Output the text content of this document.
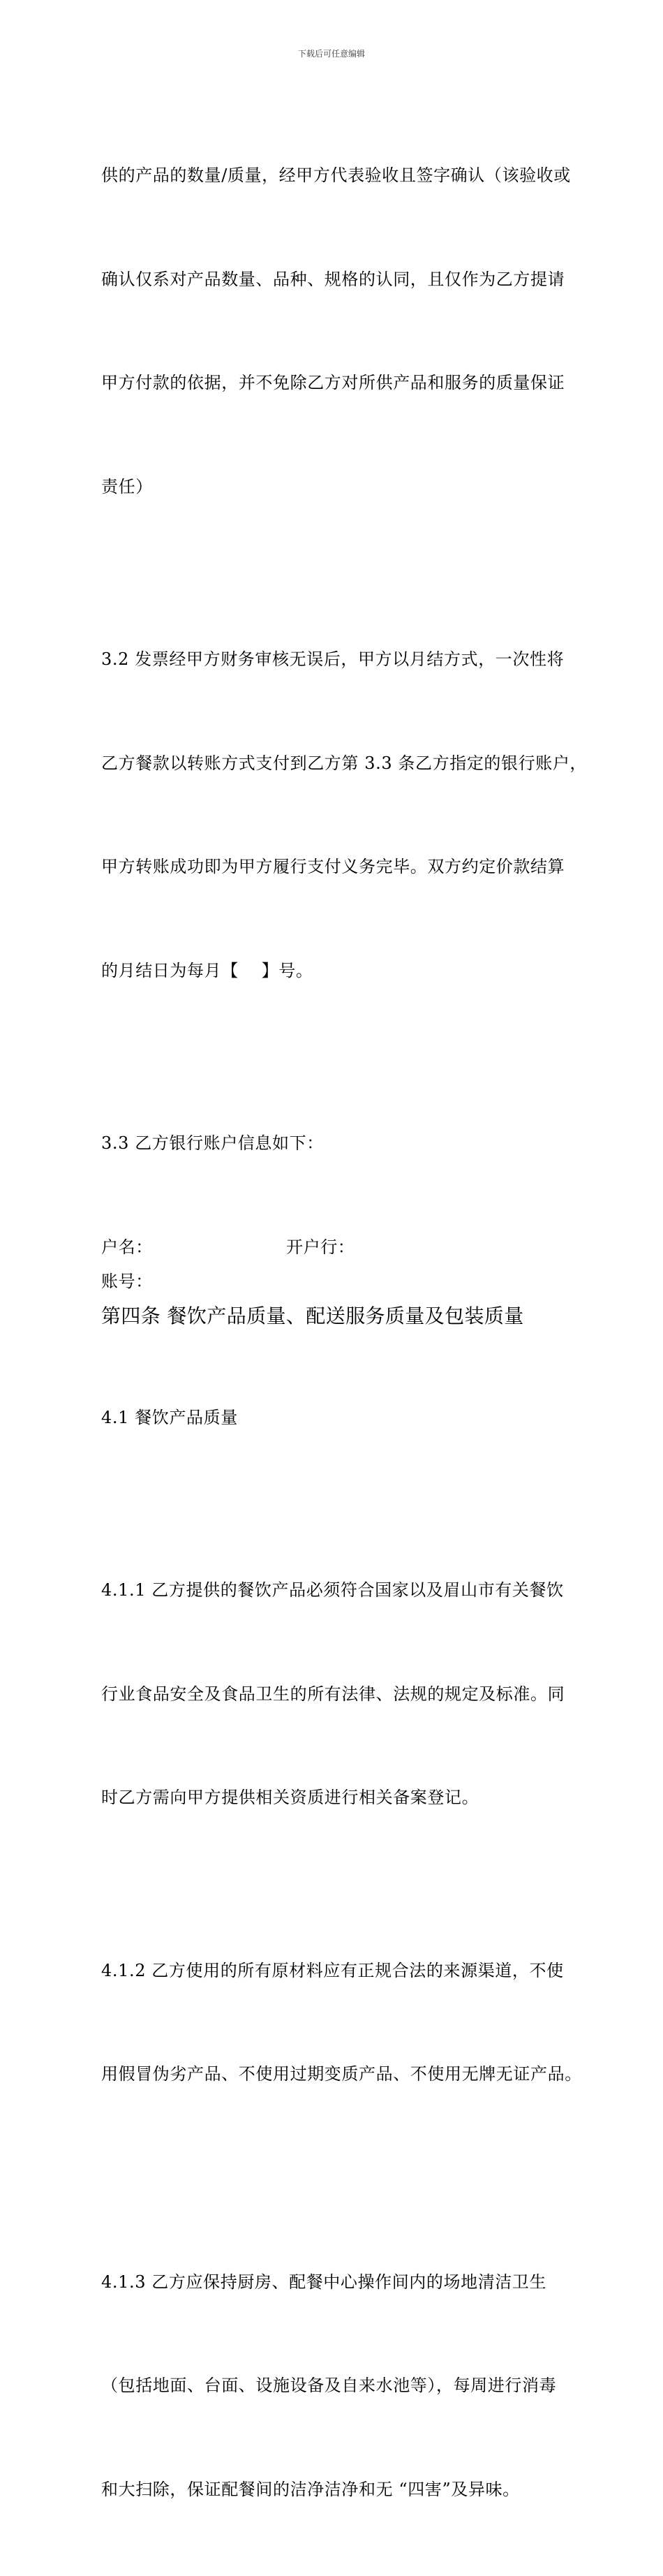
下载后可任意编辑

供的产品的数量/质量，经甲方代表验收且签字确认（该验收或

确认仅系对产品数量、品种、规格的认同，且仅作为乙方提请

甲方付款的依据，并不免除乙方对所供产品和服务的质量保证

责任）

3.2 发票经甲方财务审核无误后，甲方以月结方式，一次性将

乙方餐款以转账方式支付到乙方第 3.3 条乙方指定的银行账户，

甲方转账成功即为甲方履行支付义务完毕。双方约定价款结算

的月结日为每月【　 】号。

3.3 乙方银行账户信息如下：

户名：	开户行：
账号：
第四条 餐饮产品质量、配送服务质量及包装质量

4.1 餐饮产品质量

4.1.1 乙方提供的餐饮产品必须符合国家以及眉山市有关餐饮

行业食品安全及食品卫生的所有法律、法规的规定及标准。同

时乙方需向甲方提供相关资质进行相关备案登记。

4.1.2 乙方使用的所有原材料应有正规合法的来源渠道，不使

用假冒伪劣产品、不使用过期变质产品、不使用无牌无证产品。

4.1.3 乙方应保持厨房、配餐中心操作间内的场地清洁卫生

（包括地面、台面、设施设备及自来水池等），每周进行消毒

和大扫除，保证配餐间的洁净洁净和无 “四害”及异味。
